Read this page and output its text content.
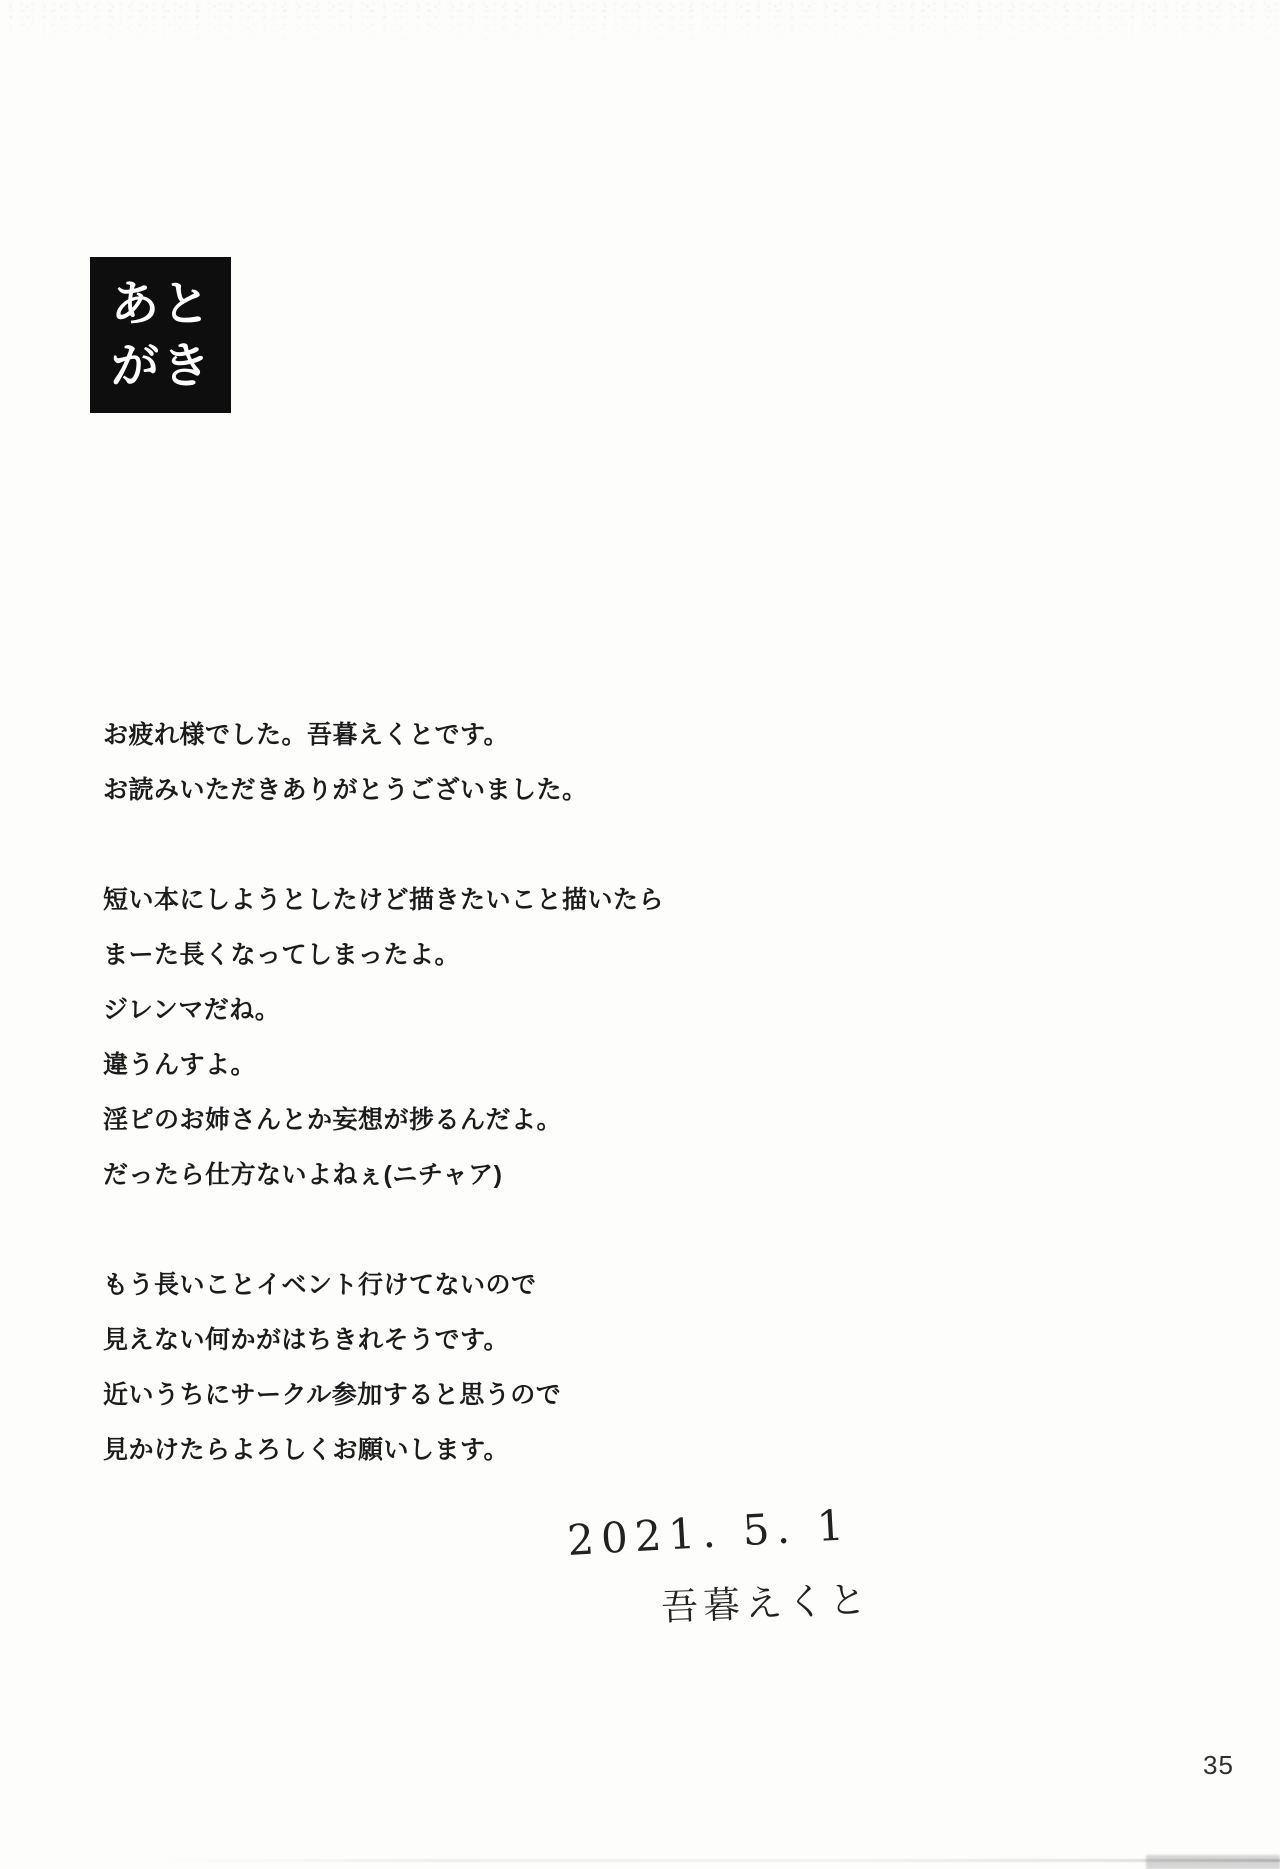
あと
がき

お疲れ様でした。吾暮えくとです。
お読みいただきありがとうございました。

短い本にしようとしたけど描きたいこと描いたら
まーた長くなってしまったよ。
ジレンマだね。
違うんすよ。
淫ピのお姉さんとか妄想が捗るんだよ。
だったら仕方ないよねぇ(ニチャア)

もう長いことイベント行けてないので
見えない何かがはちきれそうです。
近いうちにサークル参加すると思うので
見かけたらよろしくお願いします。

2021. 5. 1
吾暮えくと
35
